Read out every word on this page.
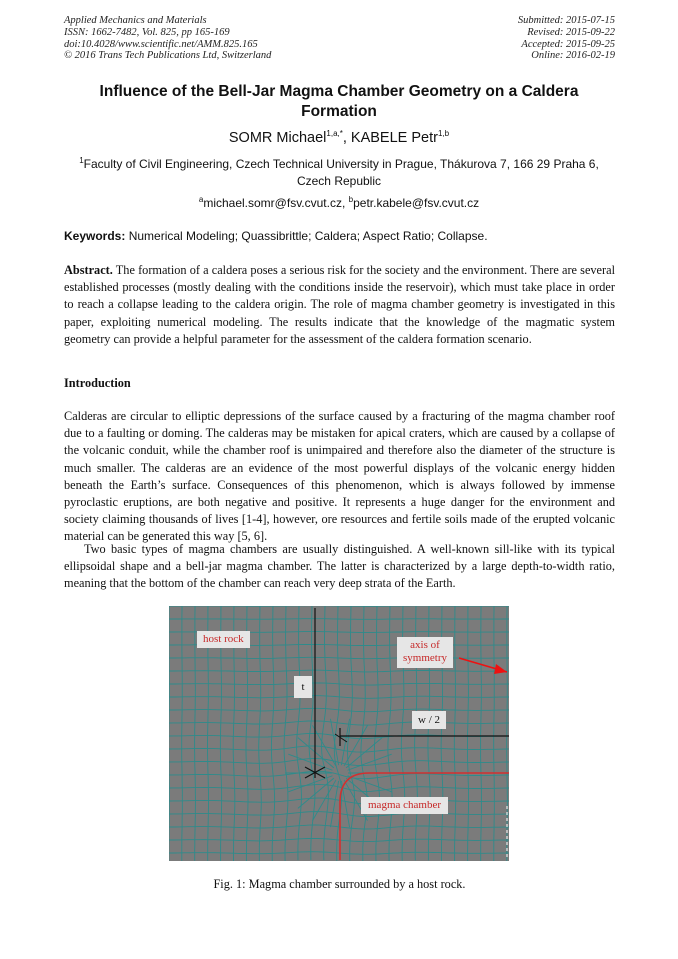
Applied Mechanics and Materials
ISSN: 1662-7482, Vol. 825, pp 165-169
doi:10.4028/www.scientific.net/AMM.825.165
© 2016 Trans Tech Publications Ltd, Switzerland
Submitted: 2015-07-15
Revised: 2015-09-22
Accepted: 2015-09-25
Online: 2016-02-19
Influence of the Bell-Jar Magma Chamber Geometry on a Caldera Formation
SOMR Michael$^{1,a,*}$, KABELE Petr$^{1,b}$
$^1$Faculty of Civil Engineering, Czech Technical University in Prague, Thákurova 7, 166 29 Praha 6, Czech Republic
$^a$michael.somr@fsv.cvut.cz, $^b$petr.kabele@fsv.cvut.cz
Keywords: Numerical Modeling; Quassibrittle; Caldera; Aspect Ratio; Collapse.
Abstract. The formation of a caldera poses a serious risk for the society and the environment. There are several established processes (mostly dealing with the conditions inside the reservoir), which must take place in order to reach a collapse leading to the caldera origin. The role of magma chamber geometry is investigated in this paper, exploiting numerical modeling. The results indicate that the knowledge of the magmatic system geometry can provide a helpful parameter for the assessment of the caldera formation scenario.
Introduction
Calderas are circular to elliptic depressions of the surface caused by a fracturing of the magma chamber roof due to a faulting or doming. The calderas may be mistaken for apical craters, which are caused by a collapse of the volcanic conduit, while the chamber roof is unimpaired and therefore also the diameter of the structure is much smaller. The calderas are an evidence of the most powerful displays of the volcanic energy hidden beneath the Earth’s surface. Consequences of this phenomenon, which is always followed by immense pyroclastic eruptions, are both negative and positive. It represents a huge danger for the environment and society claiming thousands of lives [1-4], however, ore resources and fertile soils made of the erupted volcanic material can be generated this way [5, 6].
Two basic types of magma chambers are usually distinguished. A well-known sill-like with its typical ellipsoidal shape and a bell-jar magma chamber. The latter is characterized by a large depth-to-width ratio, meaning that the bottom of the chamber can reach very deep strata of the Earth.
host rock	axis of
symmetry
t
w / 2
magma chamber
Fig. 1: Magma chamber surrounded by a host rock.
